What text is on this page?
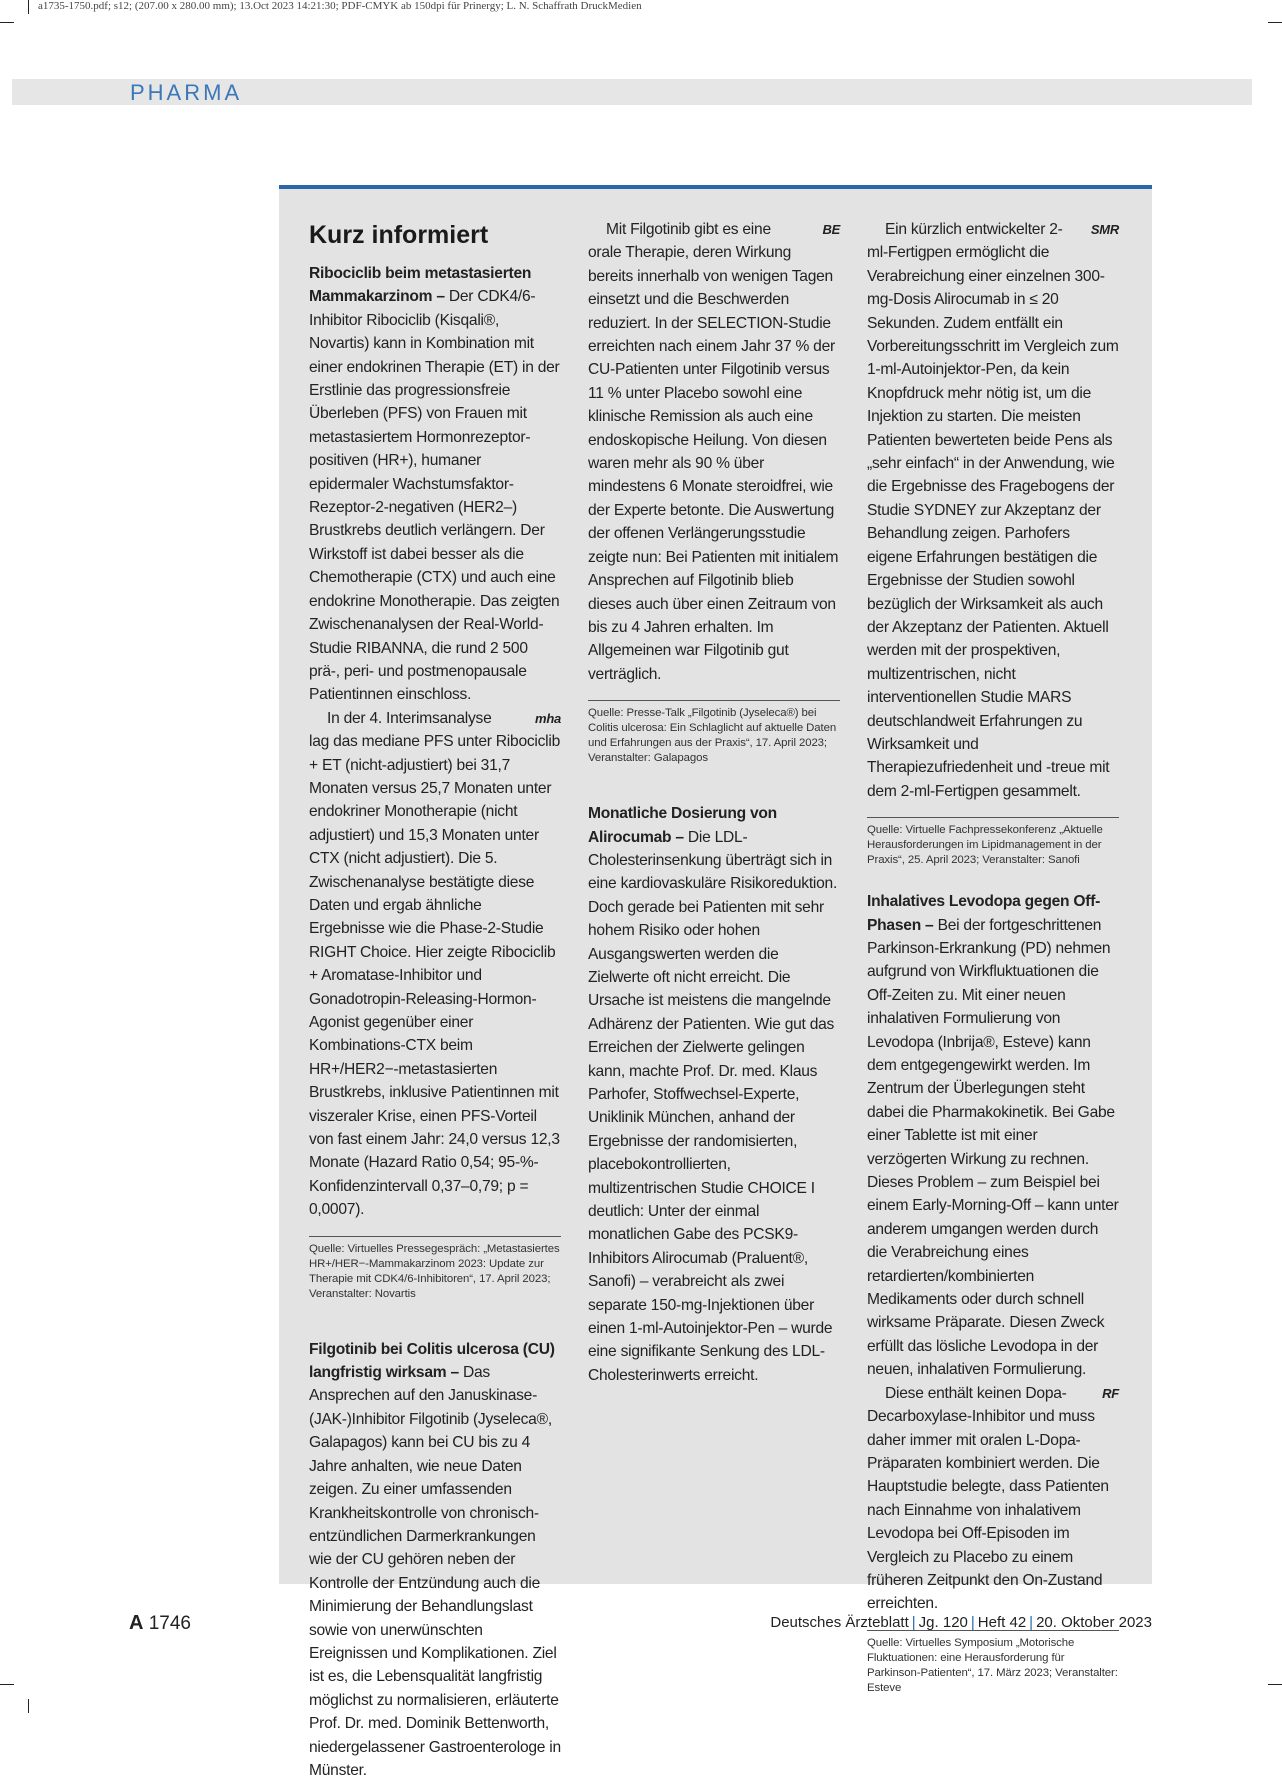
a1735-1750.pdf; s12; (207.00 x 280.00 mm); 13.Oct 2023 14:21:30; PDF-CMYK ab 150dpi für Prinergy; L. N. Schaffrath DruckMedien
PHARMA
Kurz informiert

Ribociclib beim metastasierten Mammakarzinom – Der CDK4/6-Inhibitor Ribociclib (Kisqali®, Novartis) kann in Kombination mit einer endokrinen Therapie (ET) in der Erstlinie das progressionsfreie Überleben (PFS) von Frauen mit metastasiertem Hormonrezeptor-positiven (HR+), humaner epidermaler Wachstumsfaktor-Rezeptor-2-negativen (HER2–) Brustkrebs deutlich verlängern. Der Wirkstoff ist dabei besser als die Chemotherapie (CTX) und auch eine endokrine Monotherapie. Das zeigten Zwischenanalysen der Real-World-Studie RIBANNA, die rund 2 500 prä-, peri- und postmenopausale Patientinnen einschloss.

mha
In der 4. Interimsanalyse lag das mediane PFS unter Ribociclib + ET (nicht-adjustiert) bei 31,7 Monaten versus 25,7 Monaten unter endokriner Monotherapie (nicht adjustiert) und 15,3 Monaten unter CTX (nicht adjustiert). Die 5. Zwischenanalyse bestätigte diese Daten und ergab ähnliche Ergebnisse wie die Phase-2-Studie RIGHT Choice. Hier zeigte Ribociclib + Aromatase-Inhibitor und Gonadotropin-Releasing-Hormon-Agonist gegenüber einer Kombinations-CTX beim HR+/HER2−-metastasierten Brustkrebs, inklusive Patientinnen mit viszeraler Krise, einen PFS-Vorteil von fast einem Jahr: 24,0 versus 12,3 Monate (Hazard Ratio 0,54; 95-%-Konfidenzintervall 0,37–0,79; p = 0,0007).

Quelle: Virtuelles Pressegespräch: „Metastasiertes HR+/HER−-Mammakarzinom 2023: Update zur Therapie mit CDK4/6-Inhibitoren“, 17. April 2023; Veranstalter: Novartis

Filgotinib bei Colitis ulcerosa (CU) langfristig wirksam – Das Ansprechen auf den Januskinase-(JAK-)Inhibitor Filgotinib (Jyseleca®, Galapagos) kann bei CU bis zu 4 Jahre anhalten, wie neue Daten zeigen. Zu einer umfassenden Krankheitskontrolle von chronisch-entzündlichen Darmerkrankungen wie der CU gehören neben der Kontrolle der Entzündung auch die Minimierung der Behandlungslast sowie von unerwünschten Ereignissen und Komplikationen. Ziel ist es, die Lebensqualität langfristig möglichst zu normalisieren, erläuterte Prof. Dr. med. Dominik Bettenworth, niedergelassener Gastroenterologe in Münster.

BE
Mit Filgotinib gibt es eine orale Therapie, deren Wirkung bereits innerhalb von wenigen Tagen einsetzt und die Beschwerden reduziert. In der SELECTION-Studie erreichten nach einem Jahr 37 % der CU-Patienten unter Filgotinib versus 11 % unter Placebo sowohl eine klinische Remission als auch eine endoskopische Heilung. Von diesen waren mehr als 90 % über mindestens 6 Monate steroidfrei, wie der Experte betonte. Die Auswertung der offenen Verlängerungsstudie zeigte nun: Bei Patienten mit initialem Ansprechen auf Filgotinib blieb dieses auch über einen Zeitraum von bis zu 4 Jahren erhalten. Im Allgemeinen war Filgotinib gut verträglich.

Quelle: Presse-Talk „Filgotinib (Jyseleca®) bei Colitis ulcerosa: Ein Schlaglicht auf aktuelle Daten und Erfahrungen aus der Praxis“, 17. April 2023; Veranstalter: Galapagos

Monatliche Dosierung von Alirocumab – Die LDL-Cholesterinsenkung überträgt sich in eine kardiovaskuläre Risikoreduktion. Doch gerade bei Patienten mit sehr hohem Risiko oder hohen Ausgangswerten werden die Zielwerte oft nicht erreicht. Die Ursache ist meistens die mangelnde Adhärenz der Patienten. Wie gut das Erreichen der Zielwerte gelingen kann, machte Prof. Dr. med. Klaus Parhofer, Stoffwechsel-Experte, Uniklinik München, anhand der Ergebnisse der randomisierten, placebokontrollierten, multizentrischen Studie CHOICE I deutlich: Unter der einmal monatlichen Gabe des PCSK9-Inhibitors Alirocumab (Praluent®, Sanofi) – verabreicht als zwei separate 150-mg-Injektionen über einen 1-ml-Autoinjektor-Pen – wurde eine signifikante Senkung des LDL-Cholesterinwerts erreicht.

SMR
Ein kürzlich entwickelter 2-ml-Fertigpen ermöglicht die Verabreichung einer einzelnen 300-mg-Dosis Alirocumab in ≤ 20 Sekunden. Zudem entfällt ein Vorbereitungsschritt im Vergleich zum 1-ml-Autoinjektor-Pen, da kein Knopfdruck mehr nötig ist, um die Injektion zu starten. Die meisten Patienten bewerteten beide Pens als „sehr einfach“ in der Anwendung, wie die Ergebnisse des Fragebogens der Studie SYDNEY zur Akzeptanz der Behandlung zeigen. Parhofers eigene Erfahrungen bestätigen die Ergebnisse der Studien sowohl bezüglich der Wirksamkeit als auch der Akzeptanz der Patienten. Aktuell werden mit der prospektiven, multizentrischen, nicht interventionellen Studie MARS deutschlandweit Erfahrungen zu Wirksamkeit und Therapiezufriedenheit und -treue mit dem 2-ml-Fertigpen gesammelt.

Quelle: Virtuelle Fachpressekonferenz „Aktuelle Herausforderungen im Lipidmanagement in der Praxis“, 25. April 2023; Veranstalter: Sanofi

Inhalatives Levodopa gegen Off-Phasen – Bei der fortgeschrittenen Parkinson-Erkrankung (PD) nehmen aufgrund von Wirkfluktuationen die Off-Zeiten zu. Mit einer neuen inhalativen Formulierung von Levodopa (Inbrija®, Esteve) kann dem entgegengewirkt werden. Im Zentrum der Überlegungen steht dabei die Pharmakokinetik. Bei Gabe einer Tablette ist mit einer verzögerten Wirkung zu rechnen. Dieses Problem – zum Beispiel bei einem Early-Morning-Off – kann unter anderem umgangen werden durch die Verabreichung eines retardierten/kombinierten Medikaments oder durch schnell wirksame Präparate. Diesen Zweck erfüllt das lösliche Levodopa in der neuen, inhalativen Formulierung.

RF
Diese enthält keinen Dopa-Decarboxylase-Inhibitor und muss daher immer mit oralen L-Dopa-Präparaten kombiniert werden. Die Hauptstudie belegte, dass Patienten nach Einnahme von inhalativem Levodopa bei Off-Episoden im Vergleich zu Placebo zu einem früheren Zeitpunkt den On-Zustand erreichten.

Quelle: Virtuelles Symposium „Motorische Fluktuationen: eine Herausforderung für Parkinson-Patienten“, 17. März 2023; Veranstalter: Esteve
A 1746	Deutsches Ärzteblatt | Jg. 120 | Heft 42 | 20. Oktober 2023
